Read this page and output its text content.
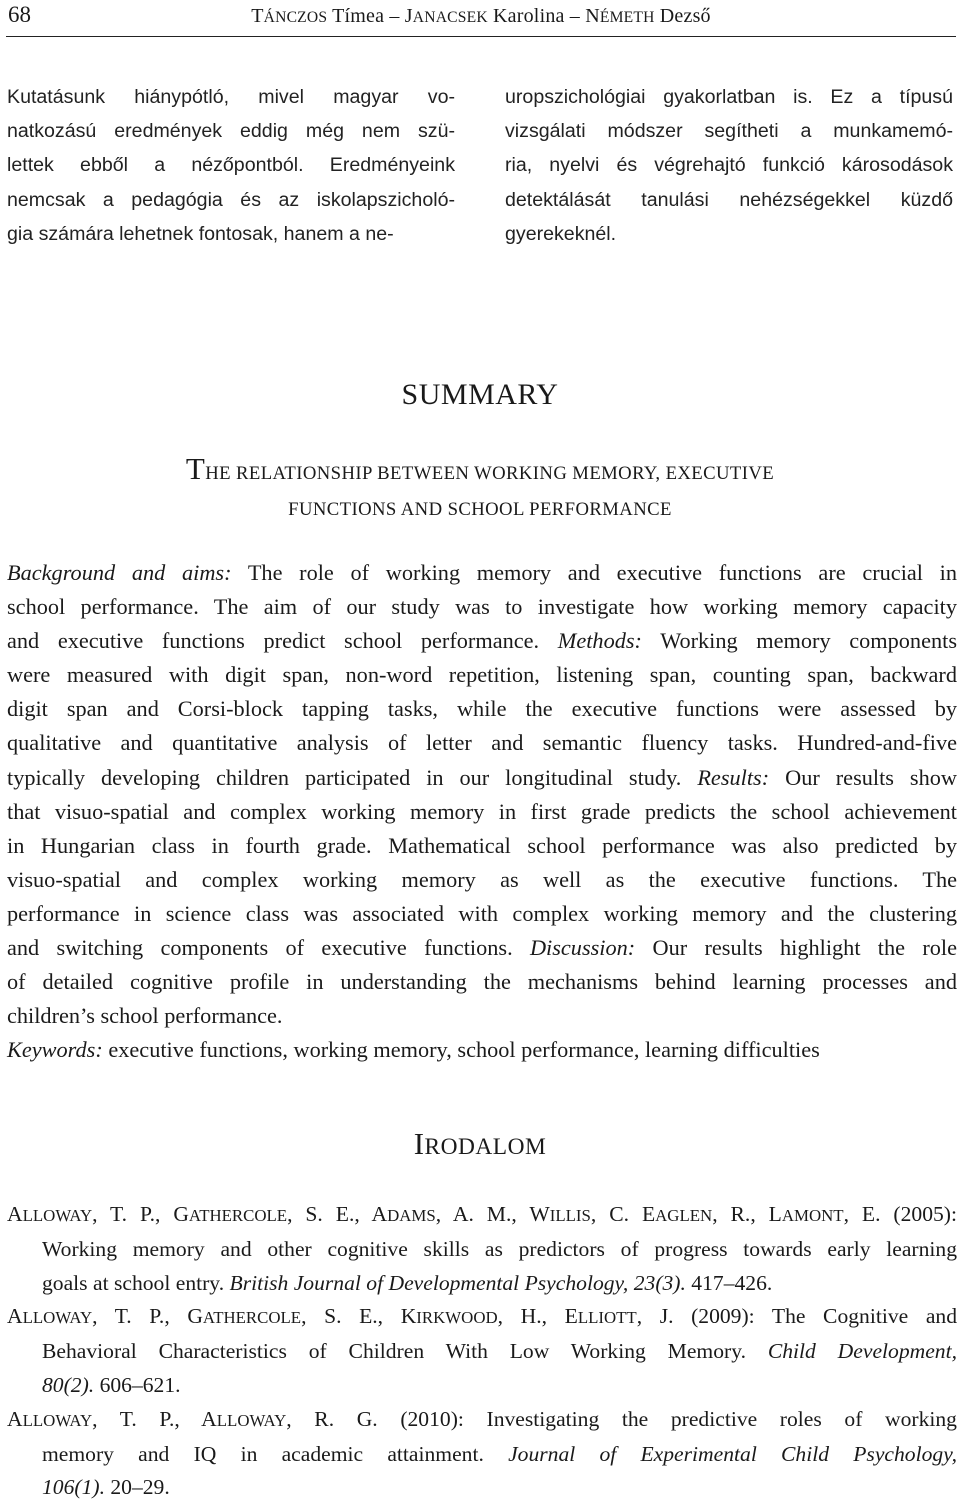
68	TÁNCZOS Tímea – JANACSEK Karolina – NÉMETH Dezső
Kutatásunk hiánypótló, mivel magyar vo-
natkozású eredmények eddig még nem szü-
lettek ebből a nézőpontból. Eredményeink
nemcsak a pedagógia és az iskolapszicholó-
gia számára lehetnek fontosak, hanem a ne-
uropszichológiai gyakorlatban is. Ez a típusú
vizsgálati módszer segítheti a munkamemó-
ria, nyelvi és végrehajtó funkció károsodások
detektálását tanulási nehézségekkel küzdő
gyerekeknél.
SUMMARY
THE RELATIONSHIP BETWEEN WORKING MEMORY, EXECUTIVE
FUNCTIONS AND SCHOOL PERFORMANCE
Background and aims: The role of working memory and executive functions are crucial in
school performance. The aim of our study was to investigate how working memory capacity
and executive functions predict school performance. Methods: Working memory components
were measured with digit span, non-word repetition, listening span, counting span, backward
digit span and Corsi-block tapping tasks, while the executive functions were assessed by
qualitative and quantitative analysis of letter and semantic fluency tasks. Hundred-and-five
typically developing children participated in our longitudinal study. Results: Our results show
that visuo-spatial and complex working memory in first grade predicts the school achievement
in Hungarian class in fourth grade. Mathematical school performance was also predicted by
visuo-spatial and complex working memory as well as the executive functions. The
performance in science class was associated with complex working memory and the clustering
and switching components of executive functions. Discussion: Our results highlight the role
of detailed cognitive profile in understanding the mechanisms behind learning processes and
children’s school performance.
Keywords: executive functions, working memory, school performance, learning difficulties
IRODALOM
ALLOWAY, T. P., GATHERCOLE, S. E., ADAMS, A. M., WILLIS, C. EAGLEN, R., LAMONT, E. (2005):
Working memory and other cognitive skills as predictors of progress towards early learning
goals at school entry. British Journal of Developmental Psychology, 23(3). 417–426.
ALLOWAY, T. P., GATHERCOLE, S. E., KIRKWOOD, H., ELLIOTT, J. (2009): The Cognitive and
Behavioral Characteristics of Children With Low Working Memory. Child Development,
80(2). 606–621.
ALLOWAY, T. P., ALLOWAY, R. G. (2010): Investigating the predictive roles of working
memory and IQ in academic attainment. Journal of Experimental Child Psychology,
106(1). 20–29.
